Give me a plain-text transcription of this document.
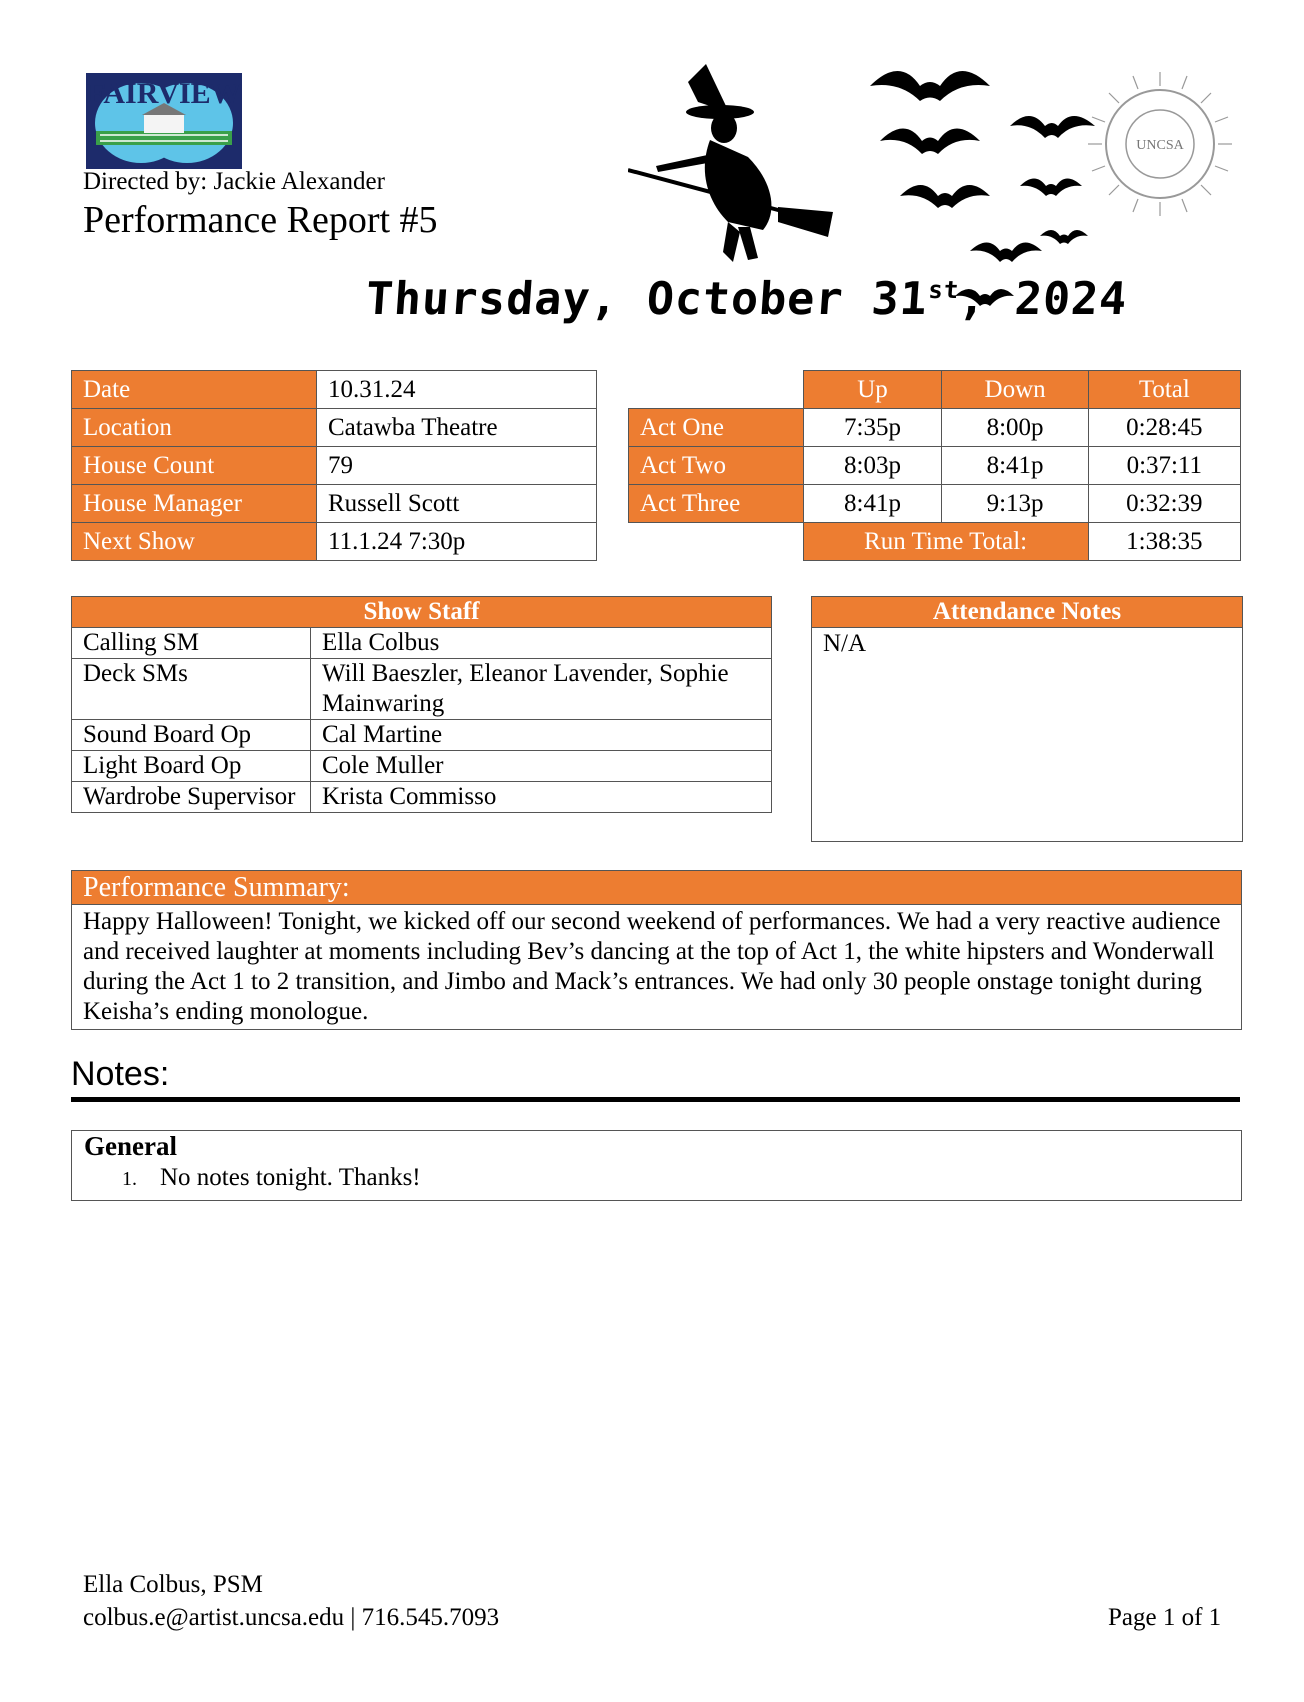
FAIRVIEW
Directed by: Jackie Alexander
Performance Report #5
UNCSA
Thursday, October 31st, 2024
Date	10.31.24
Location	Catawba Theatre
House Count	79
House Manager	Russell Scott
Next Show	11.1.24 7:30p
	Up	Down	Total
Act One	7:35p	8:00p	0:28:45
Act Two	8:03p	8:41p	0:37:11
Act Three	8:41p	9:13p	0:32:39
	Run Time Total:		1:38:35
Show Staff	
Calling SM	Ella Colbus
Deck SMs	Will Baeszler, Eleanor Lavender, Sophie Mainwaring
Sound Board Op	Cal Martine
Light Board Op	Cole Muller
Wardrobe Supervisor	Krista Commisso
Attendance Notes
N/A
Performance Summary:
Happy Halloween! Tonight, we kicked off our second weekend of performances. We had a very reactive audience and received laughter at moments including Bev’s dancing at the top of Act 1, the white hipsters and Wonderwall during the Act 1 to 2 transition, and Jimbo and Mack’s entrances. We had only 30 people onstage tonight during Keisha’s ending monologue.
Notes:
General
1. No notes tonight. Thanks!
Ella Colbus, PSM
colbus.e@artist.uncsa.edu | 716.545.7093	Page 1 of 1
